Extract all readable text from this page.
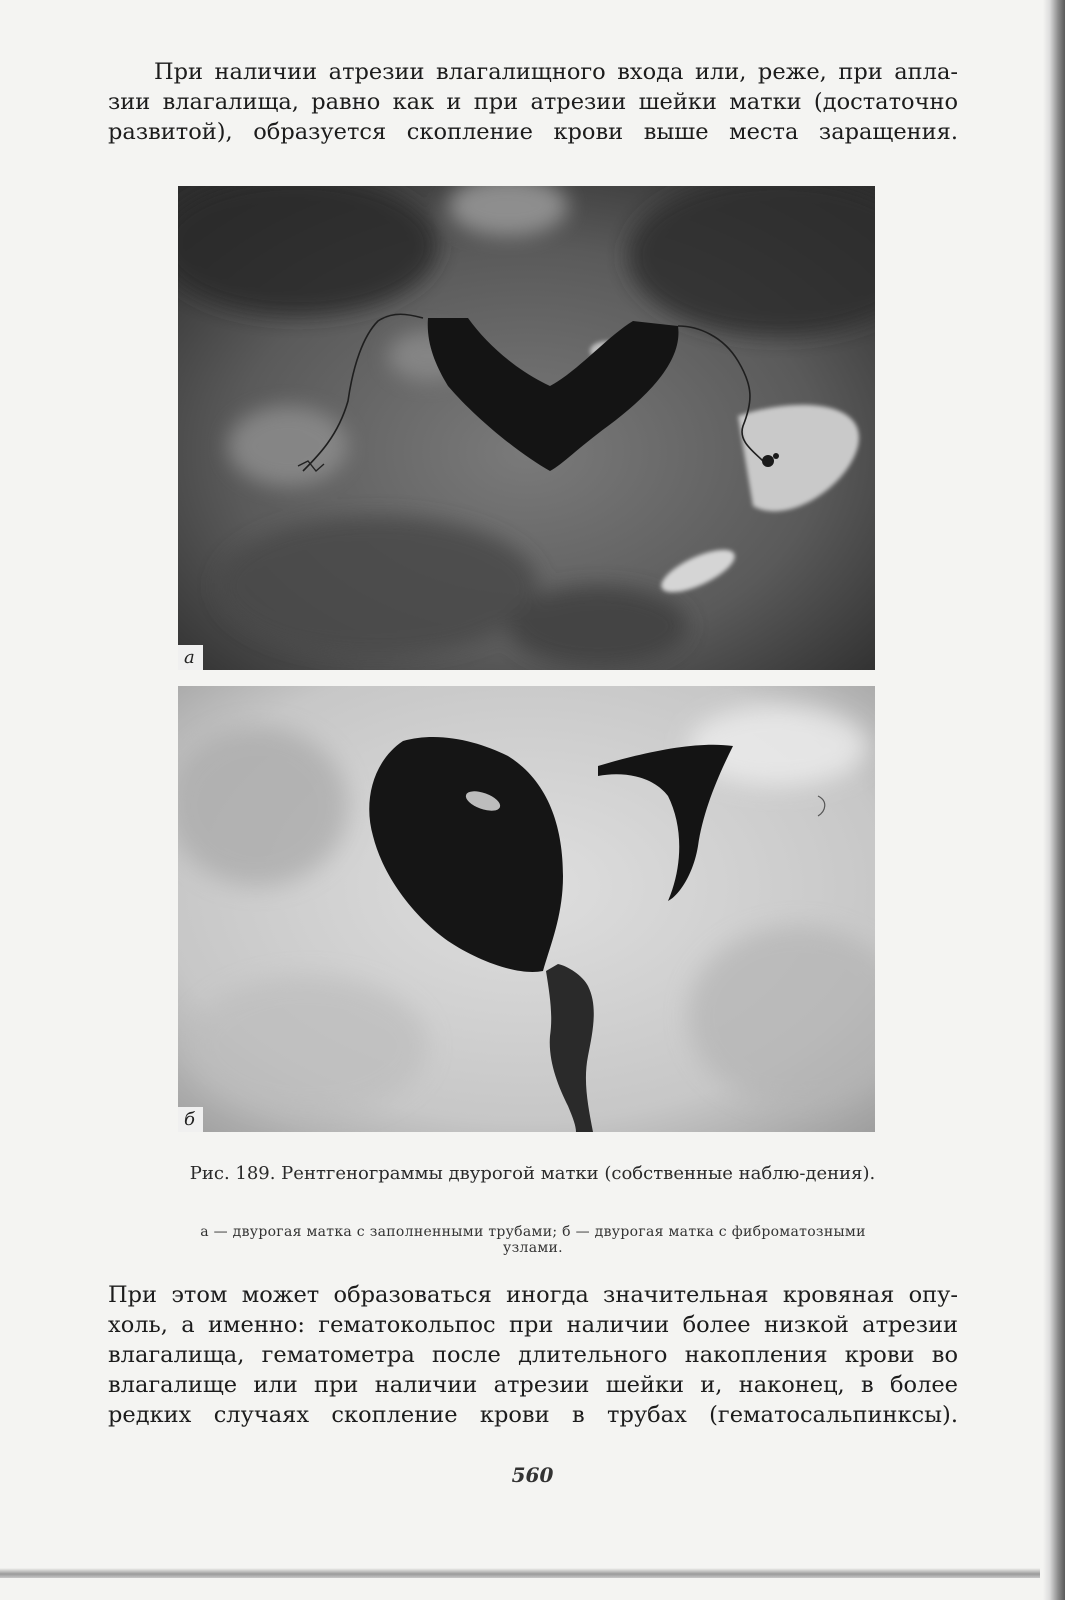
При наличии атрезии влагалищного входа или, реже, при апла-
зии влагалища, равно как и при атрезии шейки матки (достаточно
развитой), образуется скопление крови выше места заращения.

а
б

Рис. 189. Рентгенограммы двурогой матки (собственные наблю-дения).

а — двурогая матка с заполненными трубами; б — двурогая матка с фиброматозными узлами.

При этом может образоваться иногда значительная кровяная опу-
холь, а именно: гематокольпос при наличии более низкой атрезии
влагалища, гематометра после длительного накопления крови во
влагалище или при наличии атрезии шейки и, наконец, в более
редких случаях скопление крови в трубах (гематосальпинксы).

560
